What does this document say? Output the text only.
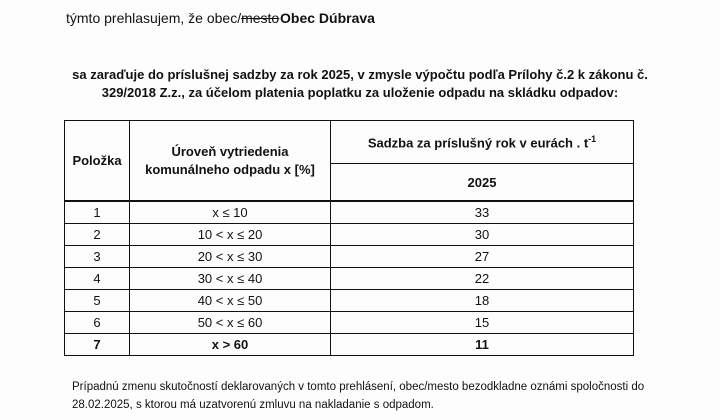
týmto prehlasujem, že obec/mesto Obec Dúbrava
sa zaraďuje do príslušnej sadzby za rok 2025, v zmysle výpočtu podľa Prílohy č.2 k zákonu č. 329/2018 Z.z., za účelom platenia poplatku za uloženie odpadu na skládku odpadov:
Položka	Úroveň vytriedenia komunálneho odpadu x [%]	Sadzba za príslušný rok v eurách . $t^{-1}$
		2025
1	x ≤ 10	33
2	10 < x ≤ 20	30
3	20 < x ≤ 30	27
4	30 < x ≤ 40	22
5	40 < x ≤ 50	18
6	50 < x ≤ 60	15
7	x > 60	11
Prípadnú zmenu skutočností deklarovaných v tomto prehlásení, obec/mesto bezodkladne oznámi spoločnosti do 28.02.2025, s ktorou má uzatvorenú zmluvu na nakladanie s odpadom.
